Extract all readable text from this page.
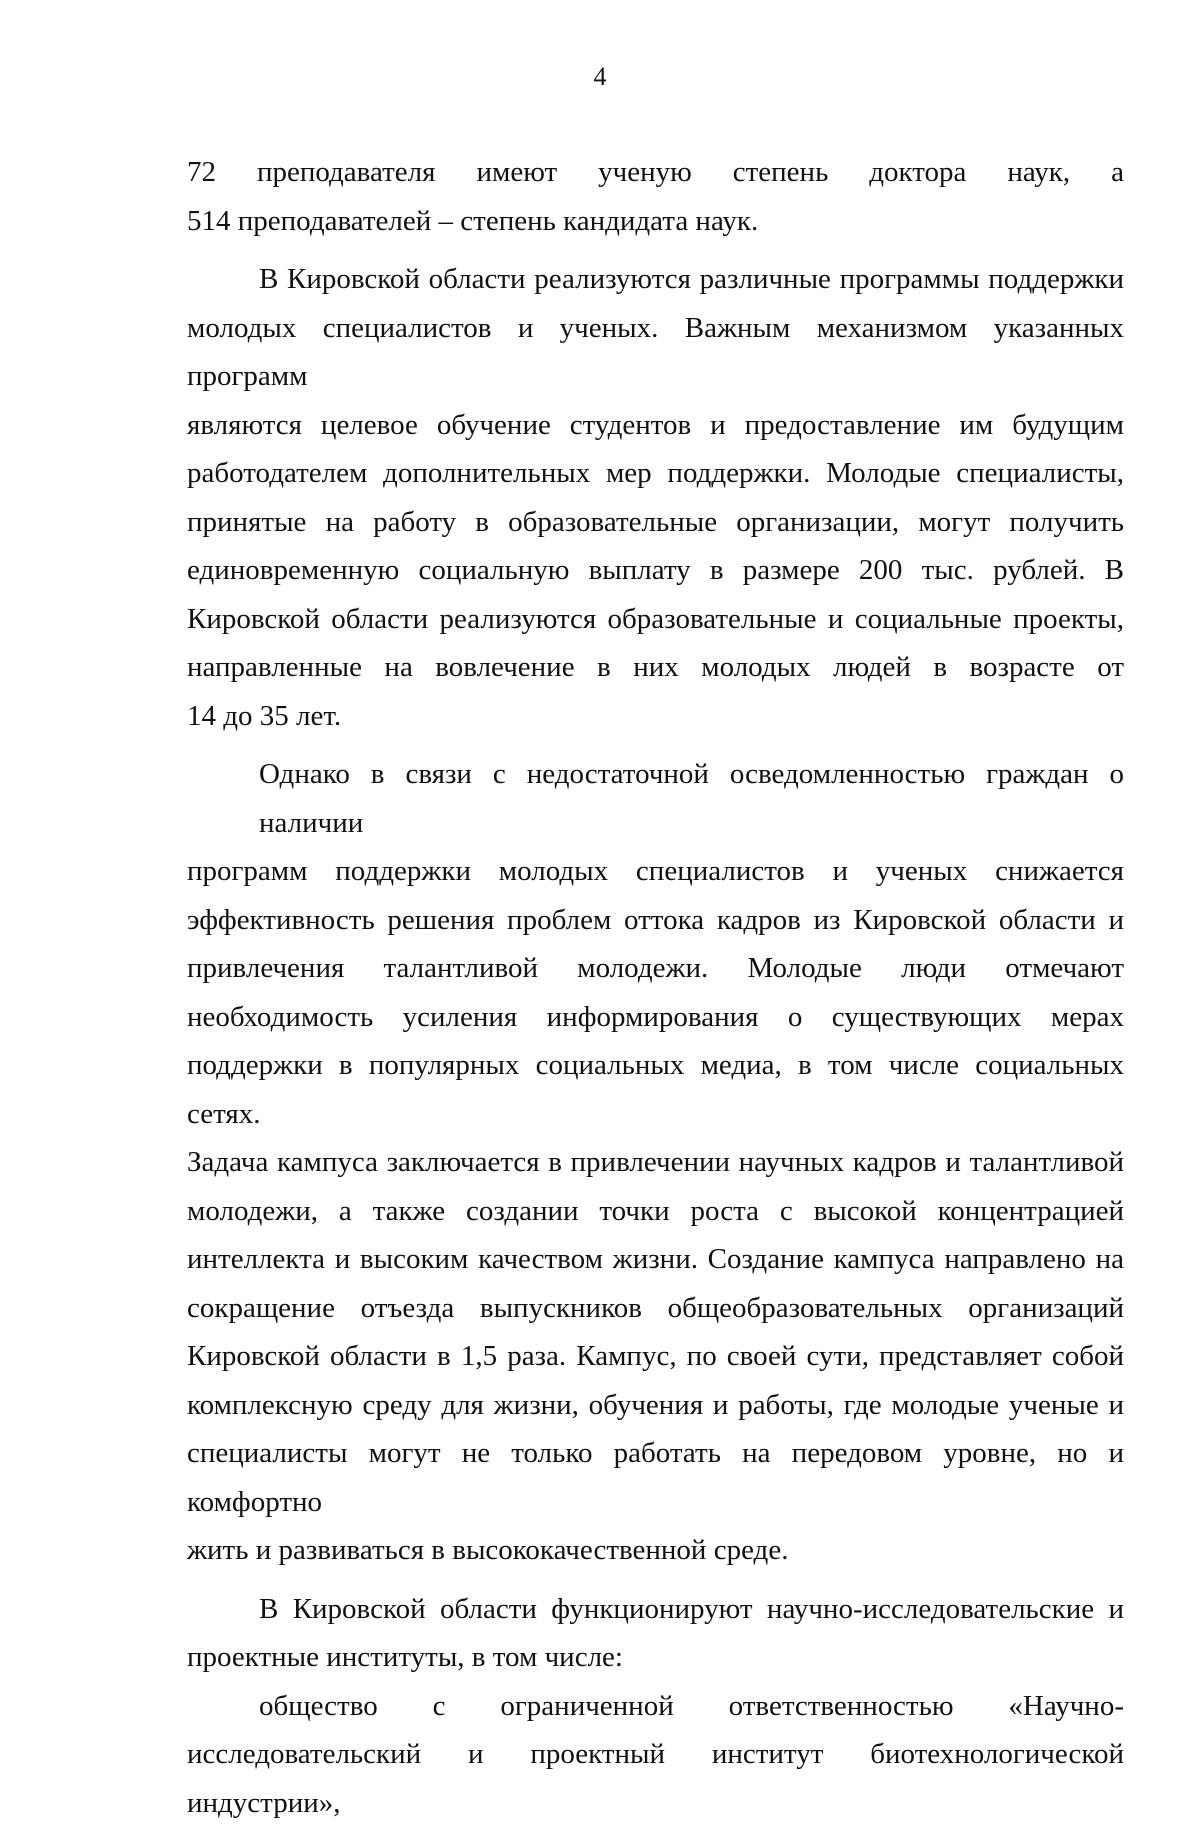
4
72 преподавателя имеют ученую степень доктора наук, а
514 преподавателей – степень кандидата наук.
В Кировской области реализуются различные программы поддержки
молодых специалистов и ученых. Важным механизмом указанных программ
являются целевое обучение студентов и предоставление им будущим
работодателем дополнительных мер поддержки. Молодые специалисты,
принятые на работу в образовательные организации, могут получить
единовременную социальную выплату в размере 200 тыс. рублей. В
Кировской области реализуются образовательные и социальные проекты,
направленные на вовлечение в них молодых людей в возрасте от
14 до 35 лет.
Однако в связи с недостаточной осведомленностью граждан о наличии
программ поддержки молодых специалистов и ученых снижается
эффективность решения проблем оттока кадров из Кировской области и
привлечения талантливой молодежи. Молодые люди отмечают
необходимость усиления информирования о существующих мерах
поддержки в популярных социальных медиа, в том числе социальных сетях.
Задача кампуса заключается в привлечении научных кадров и талантливой
молодежи, а также создании точки роста с высокой концентрацией
интеллекта и высоким качеством жизни. Создание кампуса направлено на
сокращение отъезда выпускников общеобразовательных организаций
Кировской области в 1,5 раза. Кампус, по своей сути, представляет собой
комплексную среду для жизни, обучения и работы, где молодые ученые и
специалисты могут не только работать на передовом уровне, но и комфортно
жить и развиваться в высококачественной среде.
В Кировской области функционируют научно-исследовательские и
проектные институты, в том числе:
общество с ограниченной ответственностью «Научно-
исследовательский и проектный институт биотехнологической индустрии»,
